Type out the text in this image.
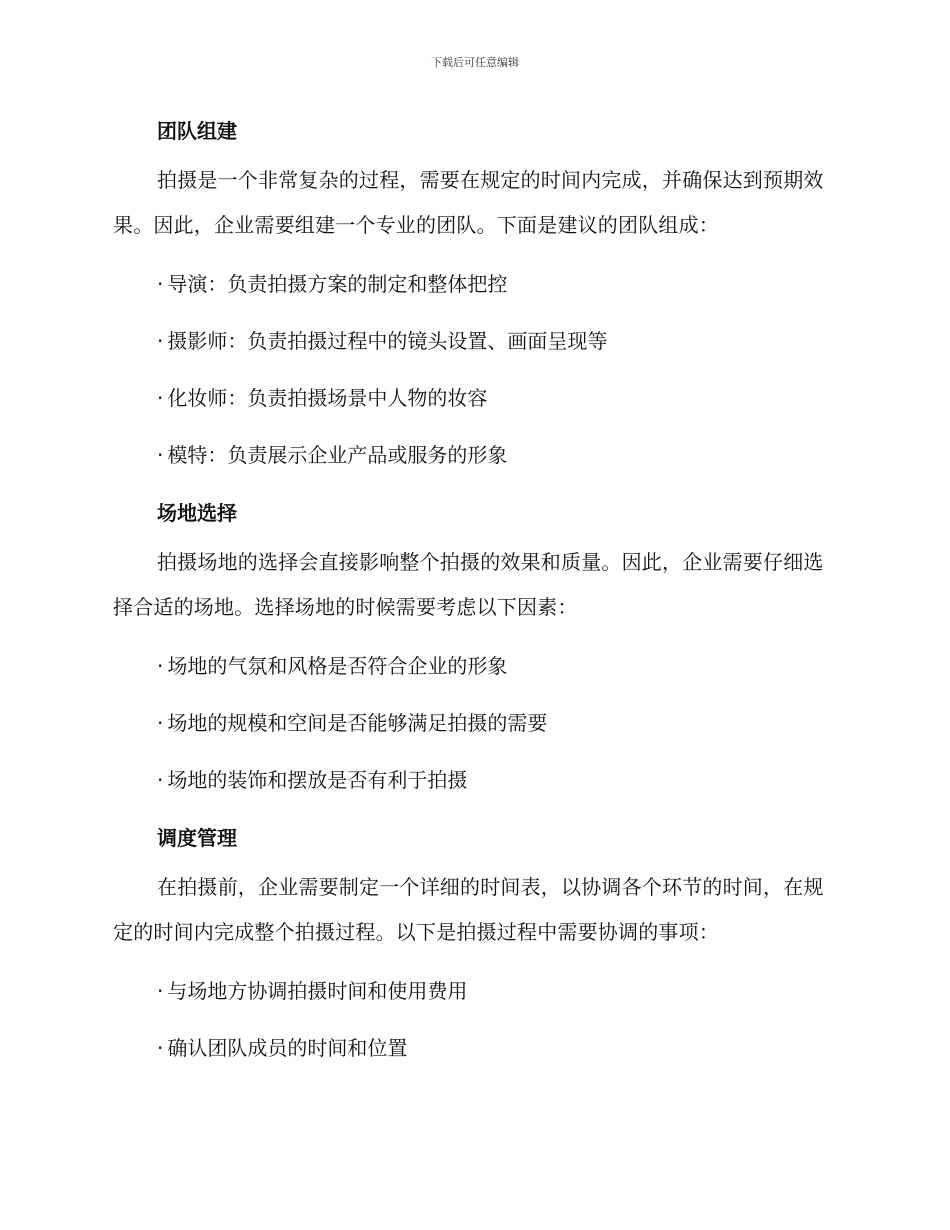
下载后可任意编辑
团队组建

拍摄是一个非常复杂的过程，需要在规定的时间内完成，并确保达到预期效果。因此，企业需要组建一个专业的团队。下面是建议的团队组成：

· 导演：负责拍摄方案的制定和整体把控
· 摄影师：负责拍摄过程中的镜头设置、画面呈现等
· 化妆师：负责拍摄场景中人物的妆容
· 模特：负责展示企业产品或服务的形象
场地选择

拍摄场地的选择会直接影响整个拍摄的效果和质量。因此，企业需要仔细选择合适的场地。选择场地的时候需要考虑以下因素：

· 场地的气氛和风格是否符合企业的形象
· 场地的规模和空间是否能够满足拍摄的需要
· 场地的装饰和摆放是否有利于拍摄
调度管理

在拍摄前，企业需要制定一个详细的时间表，以协调各个环节的时间，在规定的时间内完成整个拍摄过程。以下是拍摄过程中需要协调的事项：

· 与场地方协调拍摄时间和使用费用
· 确认团队成员的时间和位置
